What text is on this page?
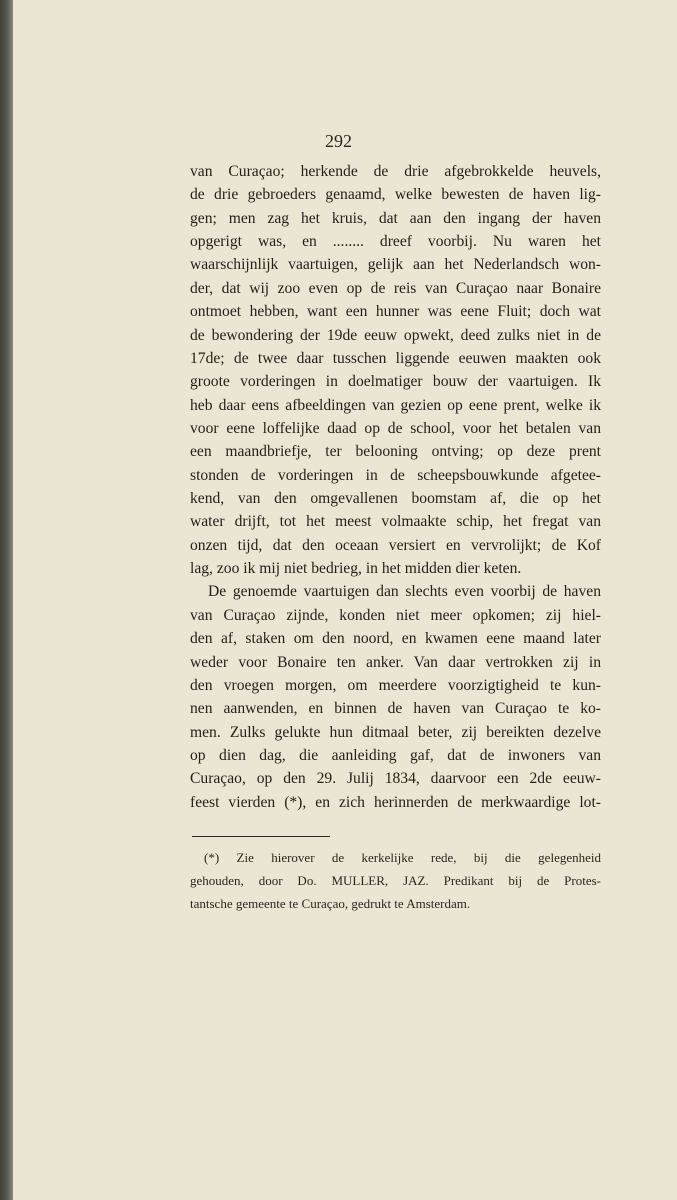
292
van Curaçao; herkende de drie afgebrokkelde heuvels,
de drie gebroeders genaamd, welke bewesten de haven lig-
gen; men zag het kruis, dat aan den ingang der haven
opgerigt was, en ........ dreef voorbij. Nu waren het
waarschijnlijk vaartuigen, gelijk aan het Nederlandsch won-
der, dat wij zoo even op de reis van Curaçao naar Bonaire
ontmoet hebben, want een hunner was eene Fluit; doch wat
de bewondering der 19de eeuw opwekt, deed zulks niet in de
17de; de twee daar tusschen liggende eeuwen maakten ook
groote vorderingen in doelmatiger bouw der vaartuigen. Ik
heb daar eens afbeeldingen van gezien op eene prent, welke ik
voor eene loffelijke daad op de school, voor het betalen van
een maandbriefje, ter belooning ontving; op deze prent
stonden de vorderingen in de scheepsbouwkunde afgetee-
kend, van den omgevallenen boomstam af, die op het
water drijft, tot het meest volmaakte schip, het fregat van
onzen tijd, dat den oceaan versiert en vervrolijkt; de Kof
lag, zoo ik mij niet bedrieg, in het midden dier keten.
De genoemde vaartuigen dan slechts even voorbij de haven
van Curaçao zijnde, konden niet meer opkomen; zij hiel-
den af, staken om den noord, en kwamen eene maand later
weder voor Bonaire ten anker. Van daar vertrokken zij in
den vroegen morgen, om meerdere voorzigtigheid te kun-
nen aanwenden, en binnen de haven van Curaçao te ko-
men. Zulks gelukte hun ditmaal beter, zij bereikten dezelve
op dien dag, die aanleiding gaf, dat de inwoners van
Curaçao, op den 29. Julij 1834, daarvoor een 2de eeuw-
feest vierden (*), en zich herinnerden de merkwaardige lot-
(*) Zie hierover de kerkelijke rede, bij die gelegenheid
gehouden, door Do. MULLER, JAZ. Predikant bij de Protes-
tantsche gemeente te Curaçao, gedrukt te Amsterdam.
